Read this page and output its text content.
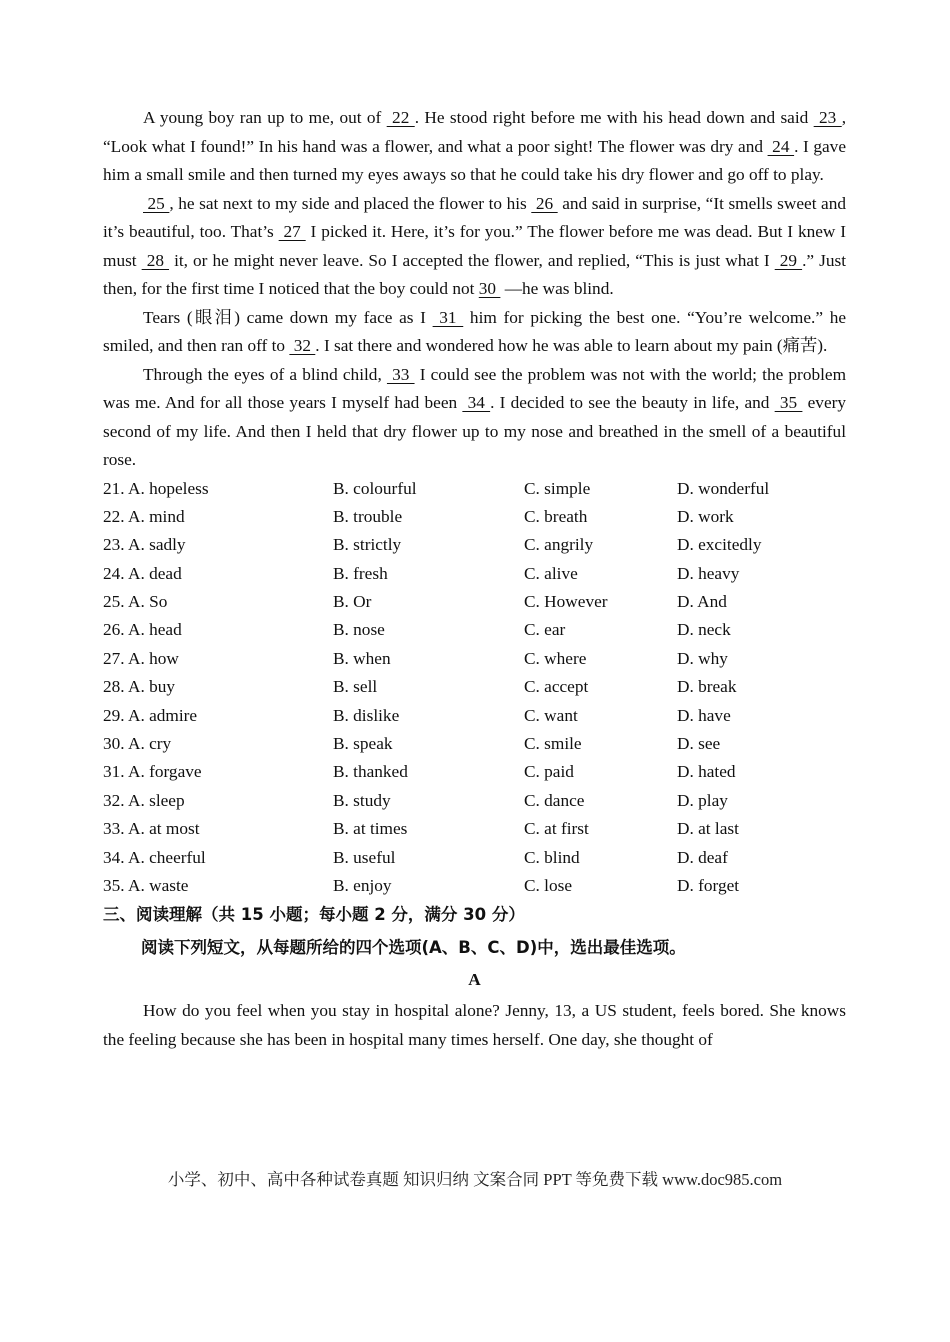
A young boy ran up to me, out of  22 . He stood right before me with his head down and said  23 , “Look what I found!” In his hand was a flower, and what a poor sight! The flower was dry and  24 . I gave him a small smile and then turned my eyes aways so that he could take his dry flower and go off to play.

25 , he sat next to my side and placed the flower to his  26  and said in surprise, “It smells sweet and it’s beautiful, too. That’s  27  I picked it. Here, it’s for you.” The flower before me was dead. But I knew I must  28  it, or he might never leave. So I accepted the flower, and replied, “This is just what I  29 .” Just then, for the first time I noticed that the boy could not 30  —he was blind.

Tears (眼泪) came down my face as I  31  him for picking the best one. “You’re welcome.” he smiled, and then ran off to  32 . I sat there and wondered how he was able to learn about my pain (痛苦).

Through the eyes of a blind child,  33  I could see the problem was not with the world; the problem was me. And for all those years I myself had been  34 . I decided to see the beauty in life, and  35  every second of my life. And then I held that dry flower up to my nose and breathed in the smell of a beautiful rose.

21. A. hopeless	B. colourful	C. simple	D. wonderful
22. A. mind	B. trouble	C. breath	D. work
23. A. sadly	B. strictly	C. angrily	D. excitedly
24. A. dead	B. fresh	C. alive	D. heavy
25. A. So	B. Or	C. However	D. And
26. A. head	B. nose	C. ear	D. neck
27. A. how	B. when	C. where	D. why
28. A. buy	B. sell	C. accept	D. break
29. A. admire	B. dislike	C. want	D. have
30. A. cry	B. speak	C. smile	D. see
31. A. forgave	B. thanked	C. paid	D. hated
32. A. sleep	B. study	C. dance	D. play
33. A. at most	B. at times	C. at first	D. at last
34. A. cheerful	B. useful	C. blind	D. deaf
35. A. waste	B. enjoy	C. lose	D. forget

三、阅读理解（共 15 小题；每小题 2 分，满分 30 分）

阅读下列短文，从每题所给的四个选项(A、B、C、D)中，选出最佳选项。

A

How do you feel when you stay in hospital alone? Jenny, 13, a US student, feels bored. She knows the feeling because she has been in hospital many times herself. One day, she thought of

小学、初中、高中各种试卷真题 知识归纳 文案合同 PPT 等免费下载 www.doc985.com
